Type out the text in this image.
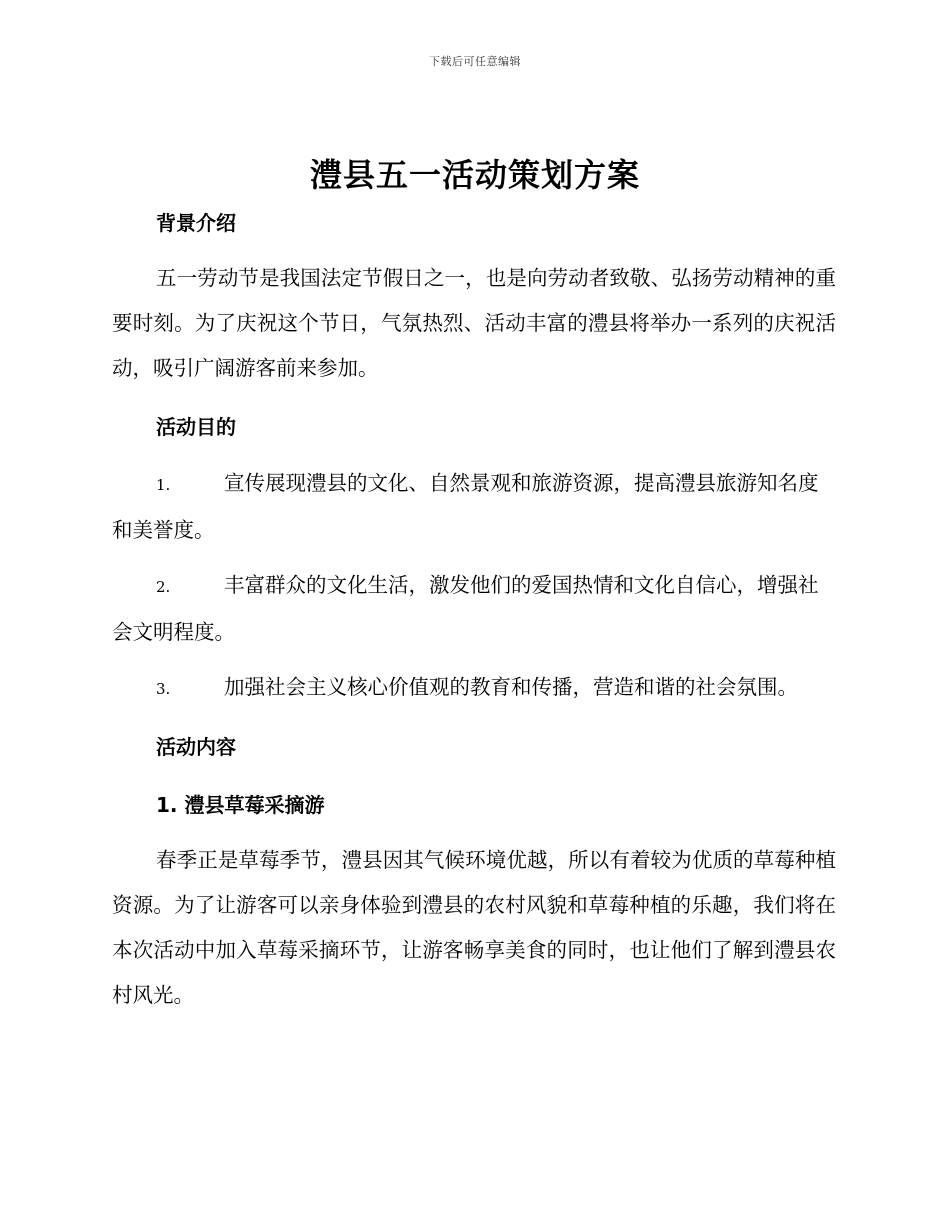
下载后可任意编辑
澧县五一活动策划方案
背景介绍
五一劳动节是我国法定节假日之一，也是向劳动者致敬、弘扬劳动精神的重要时刻。为了庆祝这个节日，气氛热烈、活动丰富的澧县将举办一系列的庆祝活动，吸引广阔游客前来参加。
活动目的
1.	宣传展现澧县的文化、自然景观和旅游资源，提高澧县旅游知名度和美誉度。
2.	丰富群众的文化生活，激发他们的爱国热情和文化自信心，增强社会文明程度。
3.	加强社会主义核心价值观的教育和传播，营造和谐的社会氛围。
活动内容
1. 澧县草莓采摘游
春季正是草莓季节，澧县因其气候环境优越，所以有着较为优质的草莓种植资源。为了让游客可以亲身体验到澧县的农村风貌和草莓种植的乐趣，我们将在本次活动中加入草莓采摘环节，让游客畅享美食的同时，也让他们了解到澧县农村风光。
